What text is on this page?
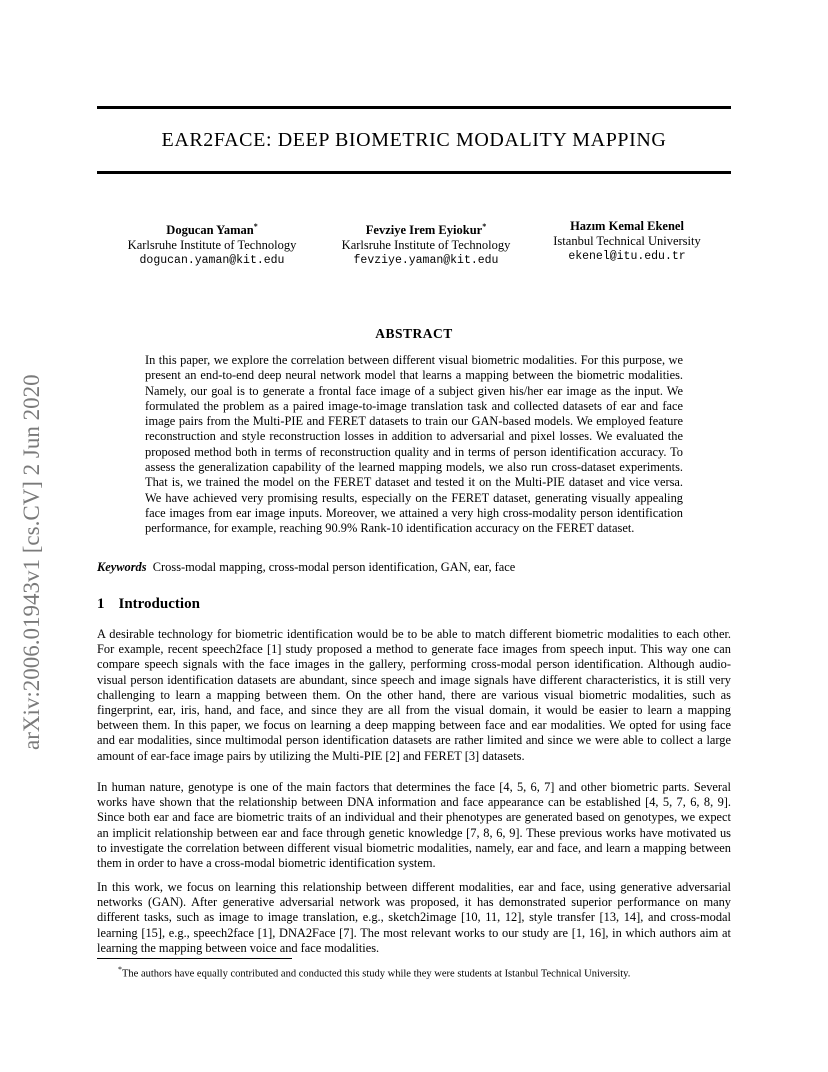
arXiv:2006.01943v1 [cs.CV] 2 Jun 2020
EAR2FACE: DEEP BIOMETRIC MODALITY MAPPING
Dogucan Yaman*
Karlsruhe Institute of Technology
dogucan.yaman@kit.edu
Fevziye Irem Eyiokur*
Karlsruhe Institute of Technology
fevziye.yaman@kit.edu
Hazım Kemal Ekenel
Istanbul Technical University
ekenel@itu.edu.tr
ABSTRACT

In this paper, we explore the correlation between different visual biometric modalities. For this purpose, we present an end-to-end deep neural network model that learns a mapping between the biometric modalities. Namely, our goal is to generate a frontal face image of a subject given his/her ear image as the input. We formulated the problem as a paired image-to-image translation task and collected datasets of ear and face image pairs from the Multi-PIE and FERET datasets to train our GAN-based models. We employed feature reconstruction and style reconstruction losses in addition to adversarial and pixel losses. We evaluated the proposed method both in terms of reconstruction quality and in terms of person identification accuracy. To assess the generalization capability of the learned mapping models, we also run cross-dataset experiments. That is, we trained the model on the FERET dataset and tested it on the Multi-PIE dataset and vice versa. We have achieved very promising results, especially on the FERET dataset, generating visually appealing face images from ear image inputs. Moreover, we attained a very high cross-modality person identification performance, for example, reaching 90.9% Rank-10 identification accuracy on the FERET dataset.

Keywords Cross-modal mapping, cross-modal person identification, GAN, ear, face
1 Introduction

A desirable technology for biometric identification would be to be able to match different biometric modalities to each other. For example, recent speech2face [1] study proposed a method to generate face images from speech input. This way one can compare speech signals with the face images in the gallery, performing cross-modal person identification. Although audio-visual person identification datasets are abundant, since speech and image signals have different characteristics, it is still very challenging to learn a mapping between them. On the other hand, there are various visual biometric modalities, such as fingerprint, ear, iris, hand, and face, and since they are all from the visual domain, it would be easier to learn a mapping between them. In this paper, we focus on learning a deep mapping between face and ear modalities. We opted for using face and ear modalities, since multimodal person identification datasets are rather limited and since we were able to collect a large amount of ear-face image pairs by utilizing the Multi-PIE [2] and FERET [3] datasets.

In human nature, genotype is one of the main factors that determines the face [4, 5, 6, 7] and other biometric parts. Several works have shown that the relationship between DNA information and face appearance can be established [4, 5, 7, 6, 8, 9]. Since both ear and face are biometric traits of an individual and their phenotypes are generated based on genotypes, we expect an implicit relationship between ear and face through genetic knowledge [7, 8, 6, 9]. These previous works have motivated us to investigate the correlation between different visual biometric modalities, namely, ear and face, and learn a mapping between them in order to have a cross-modal biometric identification system.

In this work, we focus on learning this relationship between different modalities, ear and face, using generative adversarial networks (GAN). After generative adversarial network was proposed, it has demonstrated superior performance on many different tasks, such as image to image translation, e.g., sketch2image [10, 11, 12], style transfer [13, 14], and cross-modal learning [15], e.g., speech2face [1], DNA2Face [7]. The most relevant works to our study are [1, 16], in which authors aim at learning the mapping between voice and face modalities.

*The authors have equally contributed and conducted this study while they were students at Istanbul Technical University.
